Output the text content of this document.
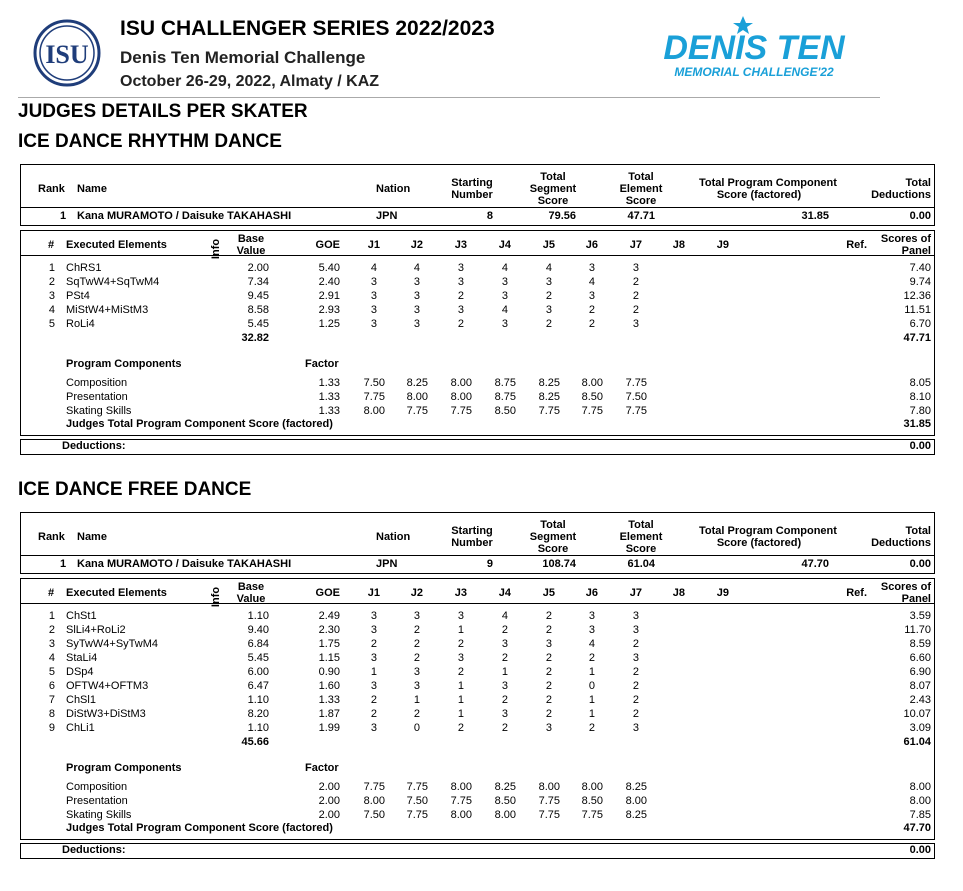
ISU
ISU CHALLENGER SERIES 2022/2023
Denis Ten Memorial Challenge
October 26-29, 2022, Almaty / KAZ
DENIS TEN
MEMORIAL CHALLENGE'22
JUDGES DETAILS PER SKATER
ICE DANCE RHYTHM DANCE
Rank Name	Nation	Starting
Number
Total
Segment
Score
Total
Element
Score
Total Program Component
Score (factored)
Total
Deductions
1 Kana MURAMOTO / Daisuke TAKAHASHI	JPN	8	79.56	47.71	31.85	0.00
# Executed Elements	Info	Base
Value	GOE	J1	J2	J3	J4	J5	J6	J7	J8	J9	Ref. Scores of
Panel
1 ChRS1	2.00	5.40	4	4	3	4	4	3	3	7.40
2 SqTwW4+SqTwM4	7.34	2.40	3	3	3	3	3	4	2	9.74
3 PSt4	9.45	2.91	3	3	2	3	2	3	2	12.36
4 MiStW4+MiStM3	8.58	2.93	3	3	3	4	3	2	2	11.51
5 RoLi4	5.45	1.25	3	3	2	3	2	2	3	6.70
32.82	47.71
Program Components	Factor
Composition	1.33 7.50 8.25 8.00 8.75 8.25 8.00 7.75	8.05
Presentation	1.33 7.75 8.00 8.00 8.75 8.25 8.50 7.50	8.10
Skating Skills	1.33 8.00 7.75 7.75 8.50 7.75 7.75 7.75	7.80
Judges Total Program Component Score (factored)	31.85
Deductions:	0.00
ICE DANCE FREE DANCE
Rank Name	Nation	Starting
Number
Total
Segment
Score
Total
Element
Score
Total Program Component
Score (factored)
Total
Deductions
1 Kana MURAMOTO / Daisuke TAKAHASHI	JPN	9	108.74	61.04	47.70	0.00
# Executed Elements	Info	Base
Value	GOE	J1	J2	J3	J4	J5	J6	J7	J8	J9	Ref. Scores of
Panel
1 ChSt1	1.10	2.49	3	3	3	4	2	3	3	3.59
2 SlLi4+RoLi2	9.40	2.30	3	2	1	2	2	3	3	11.70
3 SyTwW4+SyTwM4	6.84	1.75	2	2	2	3	3	4	2	8.59
4 StaLi4	5.45	1.15	3	2	3	2	2	2	3	6.60
5 DSp4	6.00	0.90	1	3	2	1	2	1	2	6.90
6 OFTW4+OFTM3	6.47	1.60	3	3	1	3	2	0	2	8.07
7 ChSl1	1.10	1.33	2	1	1	2	2	1	2	2.43
8 DiStW3+DiStM3	8.20	1.87	2	2	1	3	2	1	2	10.07
9 ChLi1	1.10	1.99	3	0	2	2	3	2	3	3.09
45.66	61.04
Program Components	Factor
Composition	2.00 7.75 7.75 8.00 8.25 8.00 8.00 8.25	8.00
Presentation	2.00 8.00 7.50 7.75 8.50 7.75 8.50 8.00	8.00
Skating Skills	2.00 7.50 7.75 8.00 8.00 7.75 7.75 8.25	7.85
Judges Total Program Component Score (factored)	47.70
Deductions:	0.00
